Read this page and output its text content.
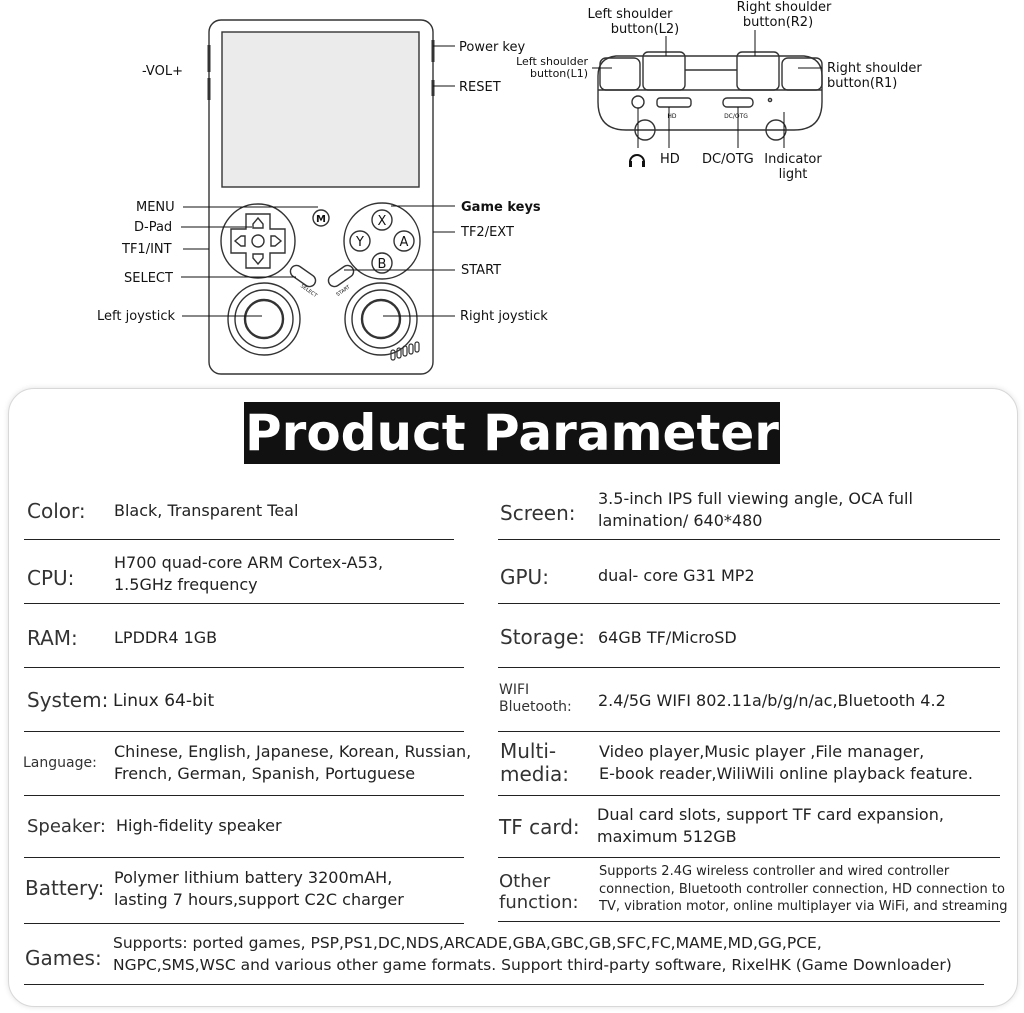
M	X
Y	A
B
SELECT	START
HD	DC/OTG
-VOL+
Power key
RESET
MENU
D-Pad
TF1/INT
SELECT
Left joystick
Game keys
TF2/EXT
START
Right joystick
Left shoulder
button(L2)
Right shoulder
button(R2)
Left shoulder
button(L1)	Right shoulder
button(R1)
HD DC/OTG Indicator
light
Product Parameter
Color: Black, Transparent Teal
CPU:
H700 quad-core ARM Cortex-A53,
1.5GHz frequency
RAM: LPDDR4 1GB
System: Linux 64-bit
Language:
Chinese, English, Japanese, Korean, Russian,
French, German, Spanish, Portuguese
Speaker: High-fidelity speaker
Battery: Polymer lithium battery 3200mAH,
lasting 7 hours,support C2C charger
Screen:
3.5-inch IPS full viewing angle, OCA full
lamination/ 640*480
GPU:	dual- core G31 MP2
Storage: 64GB TF/MicroSD
WIFI
Bluetooth: 2.4/5G WIFI 802.11a/b/g/n/ac,Bluetooth 4.2
Multi-
media:
Video player,Music player ,File manager,
E-book reader,WiliWili online playback feature.
TF card:
Dual card slots, support TF card expansion,
maximum 512GB
Other
function:
Supports 2.4G wireless controller and wired controller
connection, Bluetooth controller connection, HD connection to
TV, vibration motor, online multiplayer via WiFi, and streaming
Games:
Supports: ported games, PSP,PS1,DC,NDS,ARCADE,GBA,GBC,GB,SFC,FC,MAME,MD,GG,PCE,
NGPC,SMS,WSC and various other game formats. Support third-party software, RixelHK (Game Downloader)
